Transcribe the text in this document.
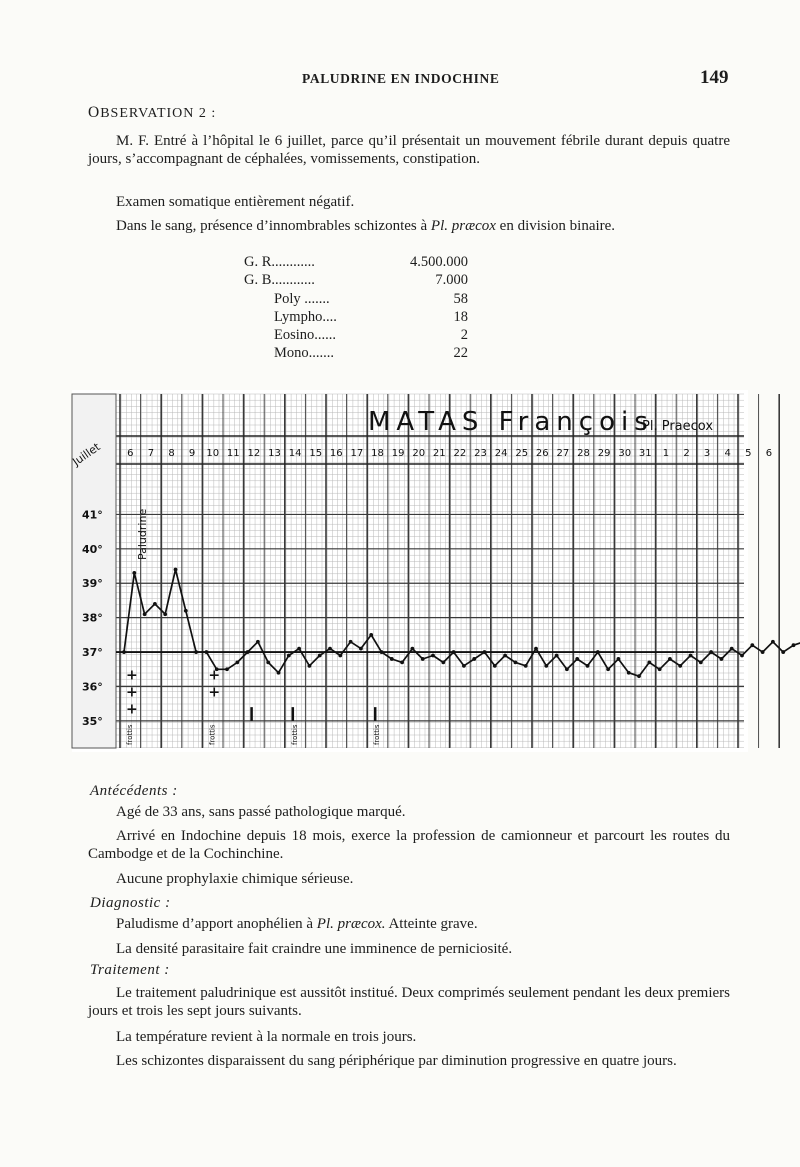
PALUDRINE EN INDOCHINE	149
OBSERVATION 2 :

M. F. Entré à l’hôpital le 6 juillet, parce qu’il présentait un mouvement fébrile durant depuis quatre jours, s’accompagnant de céphalées, vomissements, constipation.

Examen somatique entièrement négatif.

Dans le sang, présence d’innombrables schizontes à Pl. præcox en division binaire.

G. R............	4.500.000
G. B............	7.000
Poly .......	58
Lympho....	18
Eosino......	2
Mono.......	22
MATAS François
Pl. Praecox
Juillet 6 7 8 9 10 11 12 13 14 15 16 17 18 19 20 21 22 23 24 25 26 27 28 29 30 31 1 2 3 4 5 6
41°
40°
39°
38°
37°
36°
35°
Paludrine
+
+
+
+
+
frottis	frottis	frottis	frottis
Antécédents :

Agé de 33 ans, sans passé pathologique marqué.

Arrivé en Indochine depuis 18 mois, exerce la profession de camionneur et parcourt les routes du Cambodge et de la Cochinchine.

Aucune prophylaxie chimique sérieuse.

Diagnostic :

Paludisme d’apport anophélien à Pl. præcox. Atteinte grave.

La densité parasitaire fait craindre une imminence de perniciosité.

Traitement :

Le traitement paludrinique est aussitôt institué. Deux comprimés seulement pendant les deux premiers jours et trois les sept jours suivants.

La température revient à la normale en trois jours.

Les schizontes disparaissent du sang périphérique par diminution progressive en quatre jours.
